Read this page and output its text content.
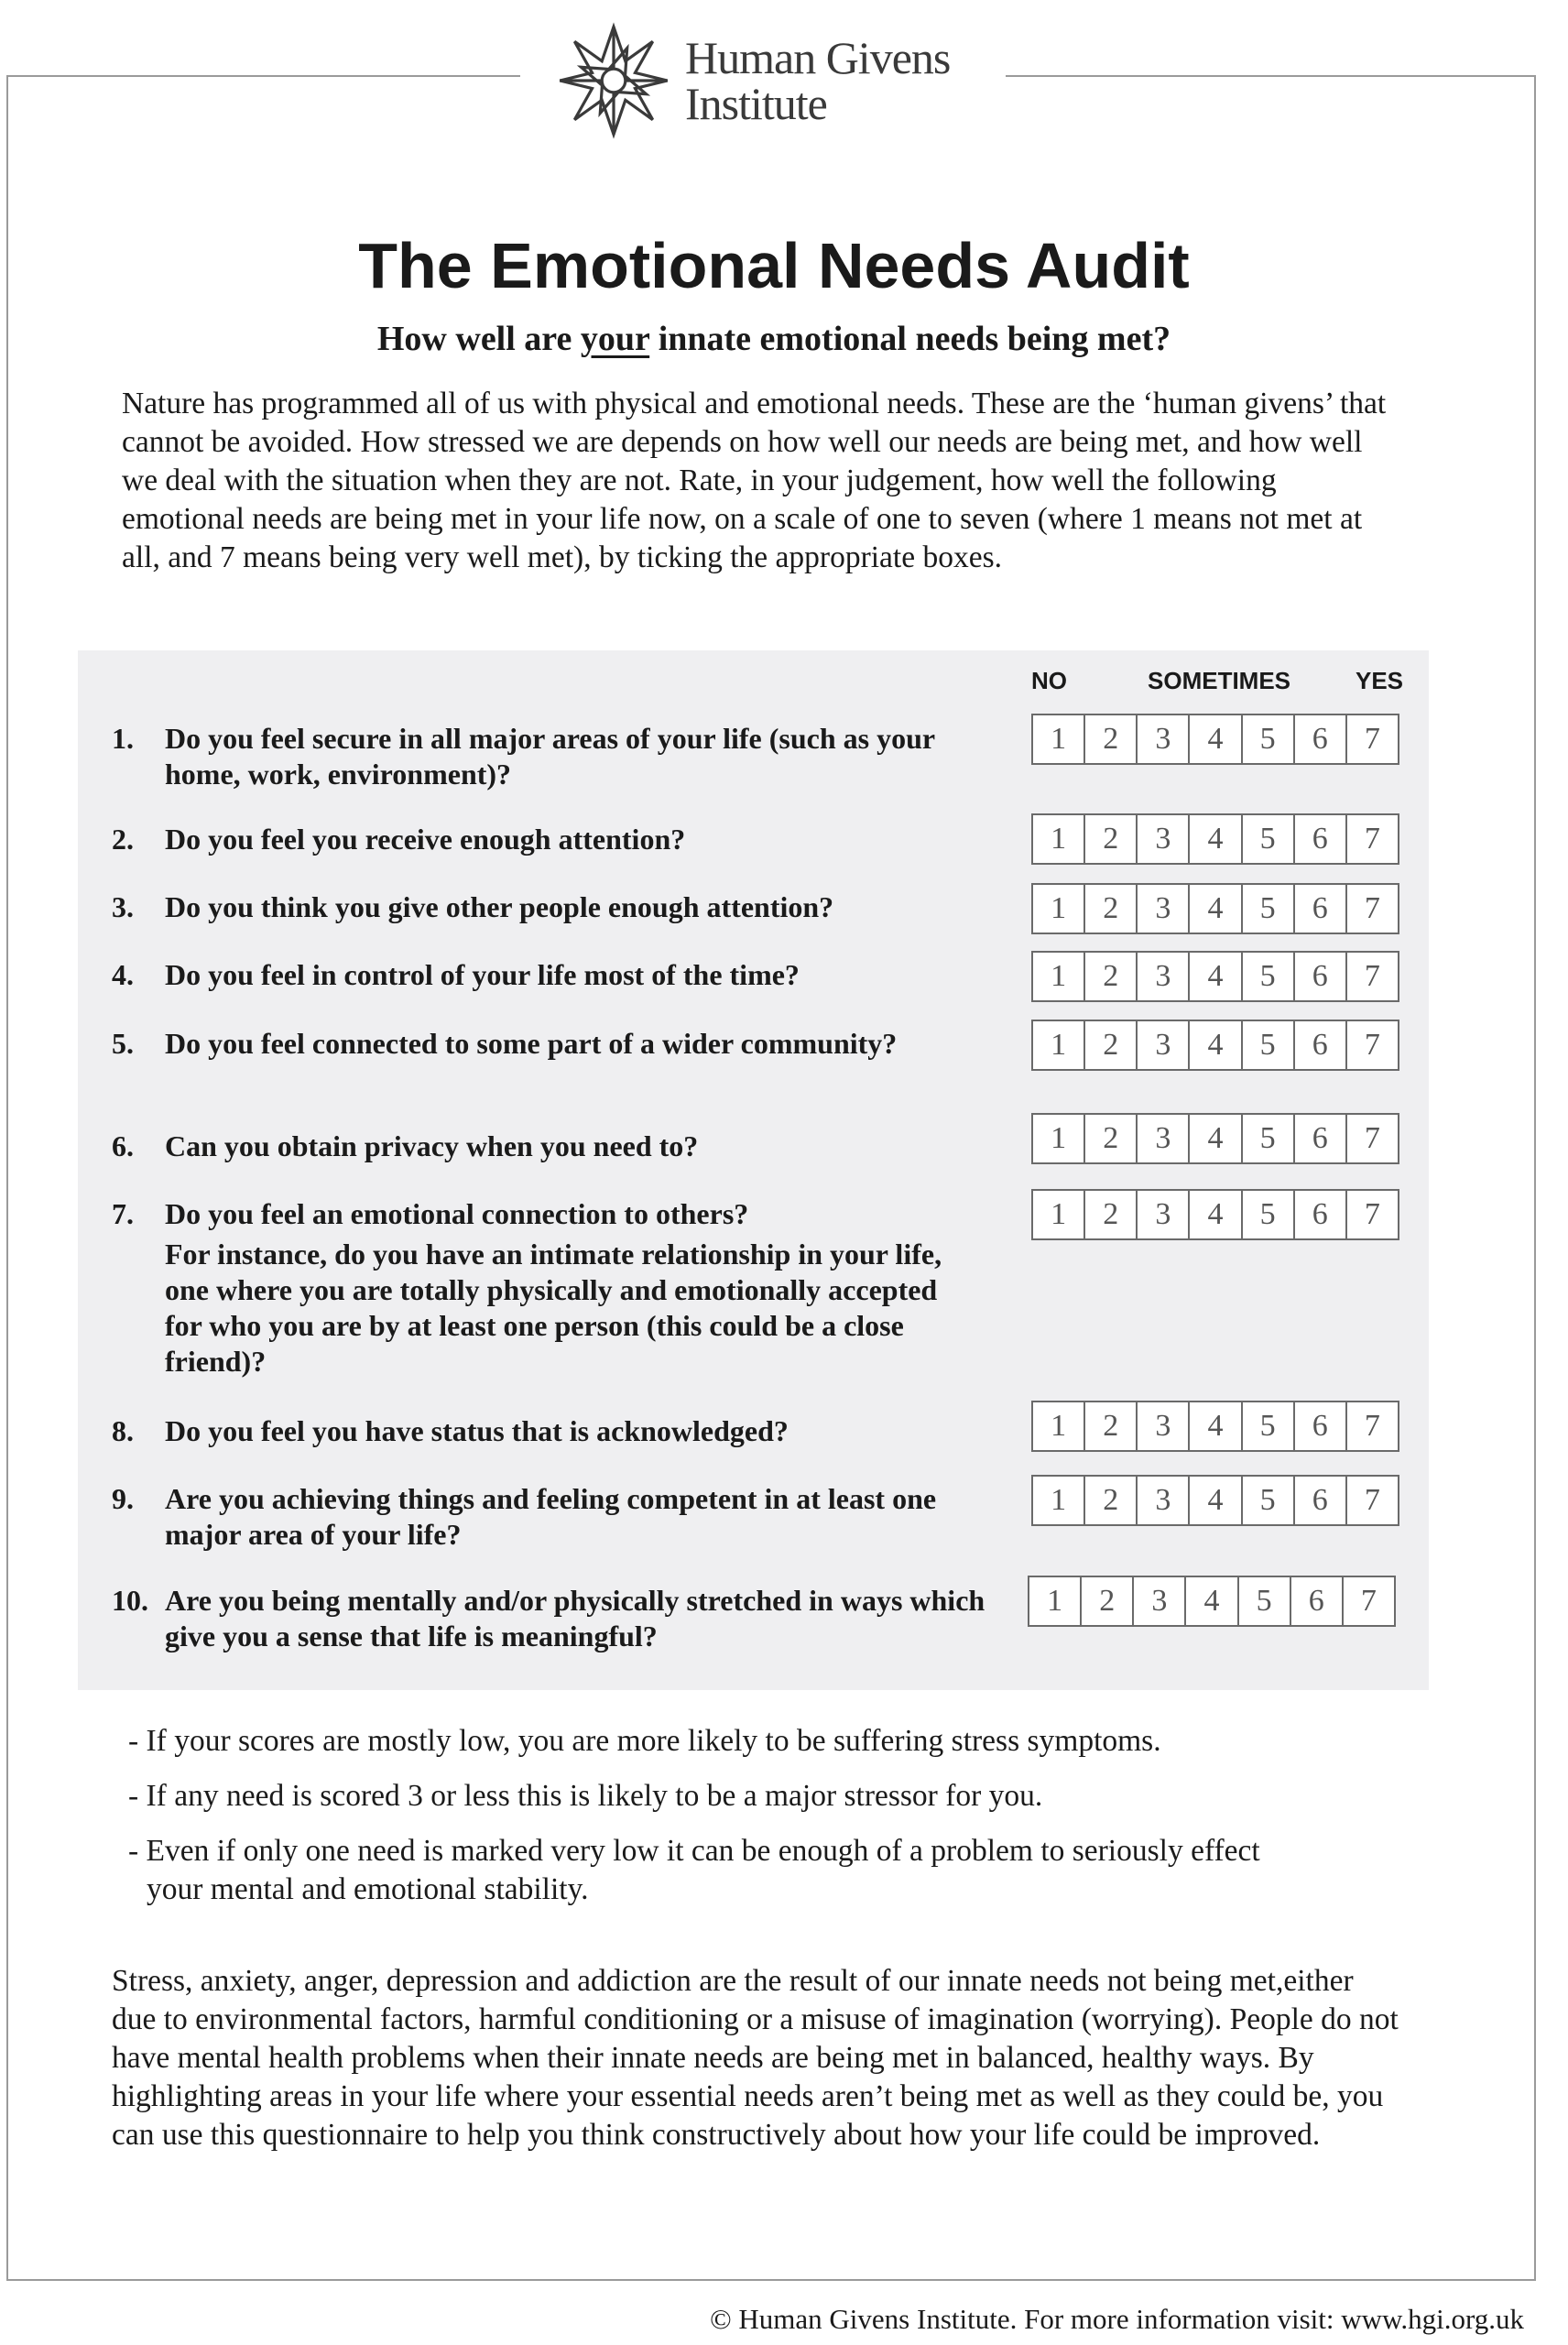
Human Givens
Institute
The Emotional Needs Audit
How well are your innate emotional needs being met?
Nature has programmed all of us with physical and emotional needs. These are the ‘human givens’ that cannot be avoided. How stressed we are depends on how well our needs are being met, and how well we deal with the situation when they are not. Rate, in your judgement, how well the following emotional needs are being met in your life now, on a scale of one to seven (where 1 means not met at all, and 7 means being very well met), by ticking the appropriate boxes.
NO	SOMETIMES	YES
1. Do you feel secure in all major areas of your life (such as your home, work, environment)?
1	2	3	4	5	6	7
2. Do you feel you receive enough attention?	1	2	3	4	5	6	7
3. Do you think you give other people enough attention?	1	2	3	4	5	6	7
4. Do you feel in control of your life most of the time?	1	2	3	4	5	6	7
5. Do you feel connected to some part of a wider community?	1	2	3	4	5	6	7
6. Can you obtain privacy when you need to?	1	2	3	4	5	6	7
7. Do you feel an emotional connection to others?
For instance, do you have an intimate relationship in your life, one where you are totally physically and emotionally accepted for who you are by at least one person (this could be a close friend)?
1	2	3	4	5	6	7
8. Do you feel you have status that is acknowledged?	1	2	3	4	5	6	7
9. Are you achieving things and feeling competent in at least one major area of your life?
1	2	3	4	5	6	7
10. Are you being mentally and/or physically stretched in ways which give you a sense that life is meaningful?
1	2	3	4	5	6	7
- If your scores are mostly low, you are more likely to be suffering stress symptoms.
- If any need is scored 3 or less this is likely to be a major stressor for you.
- Even if only one need is marked very low it can be enough of a problem to seriously effect your mental and emotional stability.
Stress, anxiety, anger, depression and addiction are the result of our innate needs not being met,either due to environmental factors, harmful conditioning or a misuse of imagination (worrying). People do not have mental health problems when their innate needs are being met in balanced, healthy ways. By highlighting areas in your life where your essential needs aren’t being met as well as they could be, you can use this questionnaire to help you think constructively about how your life could be improved.
© Human Givens Institute. For more information visit: www.hgi.org.uk
